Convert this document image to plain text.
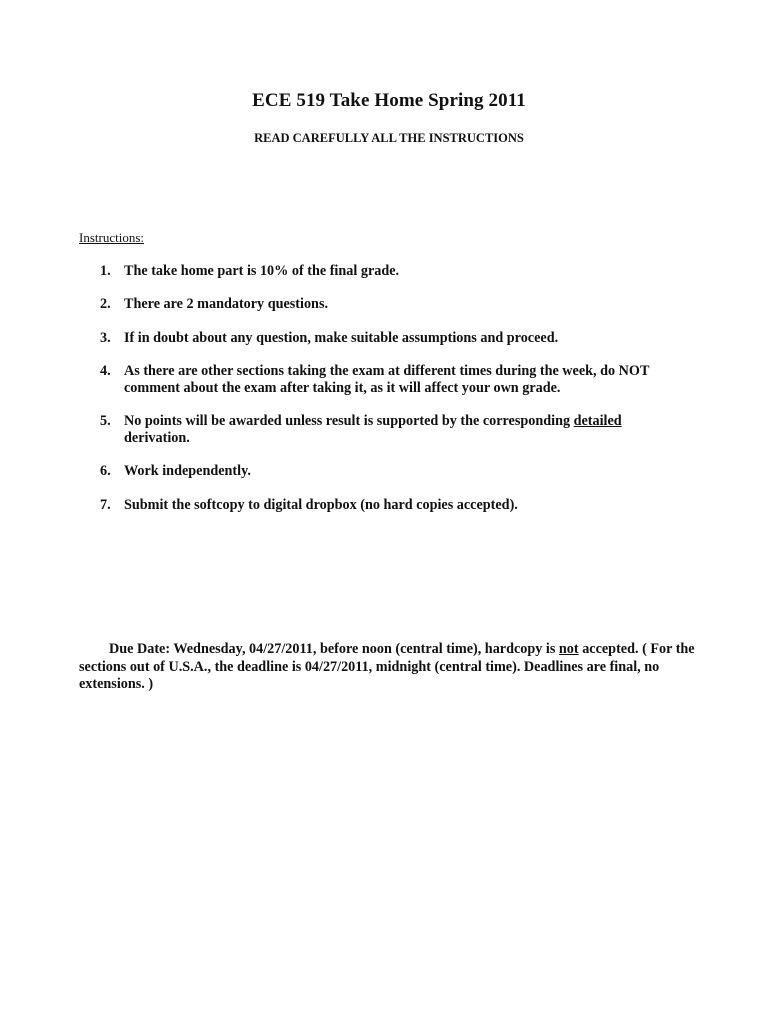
ECE 519 Take Home Spring 2011
READ CAREFULLY ALL THE INSTRUCTIONS
Instructions:
1. The take home part is 10% of the final grade.
2. There are 2 mandatory questions.
3. If in doubt about any question, make suitable assumptions and proceed.
4. As there are other sections taking the exam at different times during the week, do NOT comment about the exam after taking it, as it will affect your own grade.
5. No points will be awarded unless result is supported by the corresponding detailed derivation.
6. Work independently.
7. Submit the softcopy to digital dropbox (no hard copies accepted).

Due Date: Wednesday, 04/27/2011, before noon (central time), hardcopy is not accepted. ( For the sections out of U.S.A., the deadline is 04/27/2011, midnight (central time). Deadlines are final, no extensions. )
